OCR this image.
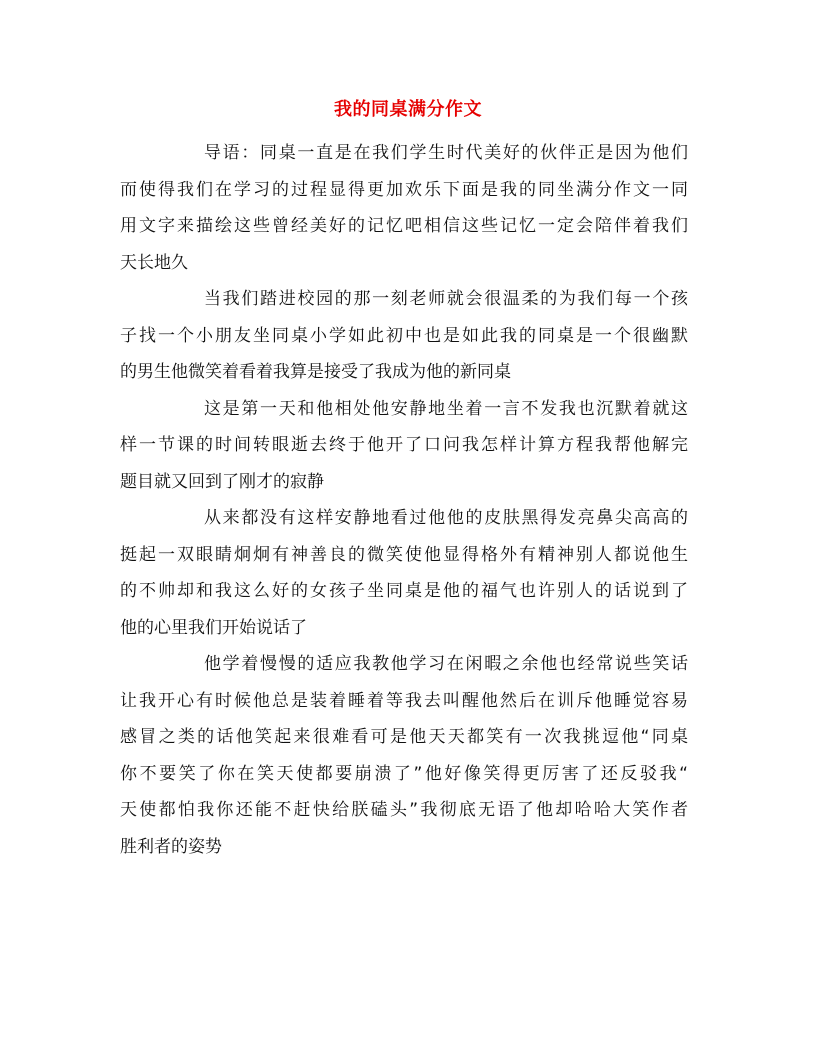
我的同桌满分作文
导语：同桌一直是在我们学生时代美好的伙伴正是因为他们
而使得我们在学习的过程显得更加欢乐下面是我的同坐满分作文一同
用文字来描绘这些曾经美好的记忆吧相信这些记忆一定会陪伴着我们
天长地久
当我们踏进校园的那一刻老师就会很温柔的为我们每一个孩
子找一个小朋友坐同桌小学如此初中也是如此我的同桌是一个很幽默
的男生他微笑着看着我算是接受了我成为他的新同桌
这是第一天和他相处他安静地坐着一言不发我也沉默着就这
样一节课的时间转眼逝去终于他开了口问我怎样计算方程我帮他解完
题目就又回到了刚才的寂静
从来都没有这样安静地看过他他的皮肤黑得发亮鼻尖高高的
挺起一双眼睛炯炯有神善良的微笑使他显得格外有精神别人都说他生
的不帅却和我这么好的女孩子坐同桌是他的福气也许别人的话说到了
他的心里我们开始说话了
他学着慢慢的适应我教他学习在闲暇之余他也经常说些笑话
让我开心有时候他总是装着睡着等我去叫醒他然后在训斥他睡觉容易
感冒之类的话他笑起来很难看可是他天天都笑有一次我挑逗他“同桌
你不要笑了你在笑天使都要崩溃了”他好像笑得更厉害了还反驳我“
天使都怕我你还能不赶快给朕磕头”我彻底无语了他却哈哈大笑作者
胜利者的姿势
